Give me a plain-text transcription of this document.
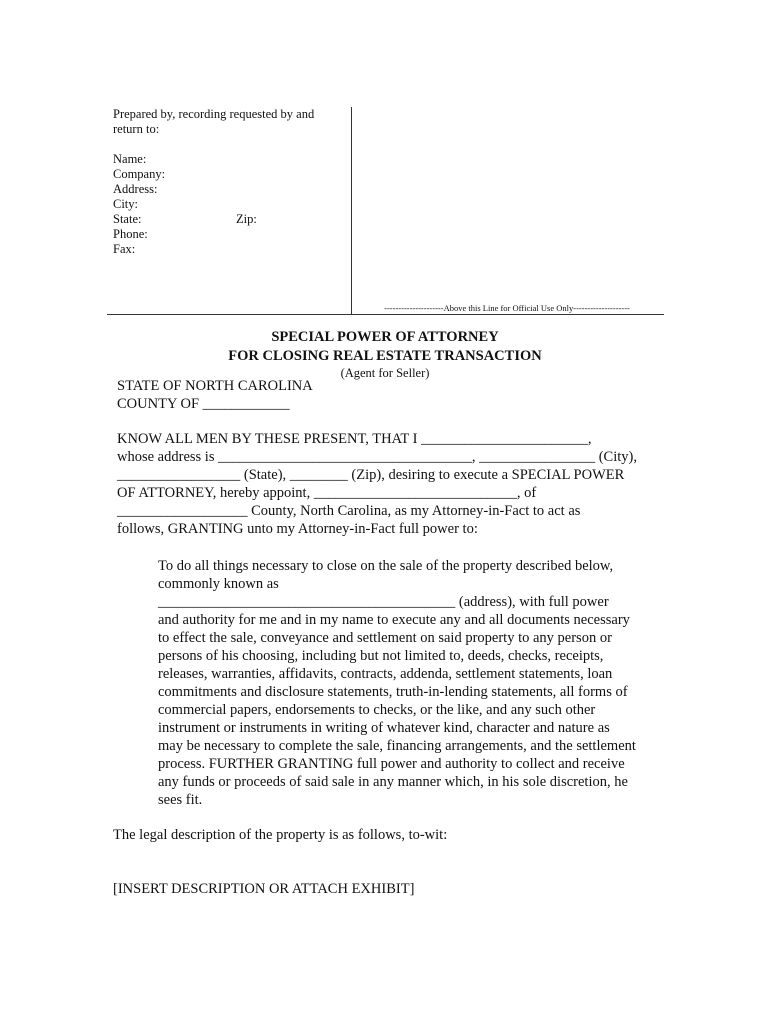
Prepared by, recording requested by and
return to:
Name:
Company:
Address:
City:
State:	Zip:
Phone:
Fax:
---------------------Above this Line for Official Use Only--------------------
SPECIAL POWER OF ATTORNEY
FOR CLOSING REAL ESTATE TRANSACTION
(Agent for Seller)
STATE OF NORTH CAROLINA
COUNTY OF ____________
KNOW ALL MEN BY THESE PRESENT, THAT I _______________________,
whose address is ___________________________________, ________________ (City),
_________________ (State), ________ (Zip), desiring to execute a SPECIAL POWER
OF ATTORNEY, hereby appoint, ____________________________, of
__________________ County, North Carolina, as my Attorney-in-Fact to act as
follows, GRANTING unto my Attorney-in-Fact full power to:
To do all things necessary to close on the sale of the property described below,
commonly known as
_________________________________________ (address), with full power
and authority for me and in my name to execute any and all documents necessary
to effect the sale, conveyance and settlement on said property to any person or
persons of his choosing, including but not limited to, deeds, checks, receipts,
releases, warranties, affidavits, contracts, addenda, settlement statements, loan
commitments and disclosure statements, truth-in-lending statements, all forms of
commercial papers, endorsements to checks, or the like, and any such other
instrument or instruments in writing of whatever kind, character and nature as
may be necessary to complete the sale, financing arrangements, and the settlement
process. FURTHER GRANTING full power and authority to collect and receive
any funds or proceeds of said sale in any manner which, in his sole discretion, he
sees fit.
The legal description of the property is as follows, to-wit:
[INSERT DESCRIPTION OR ATTACH EXHIBIT]
